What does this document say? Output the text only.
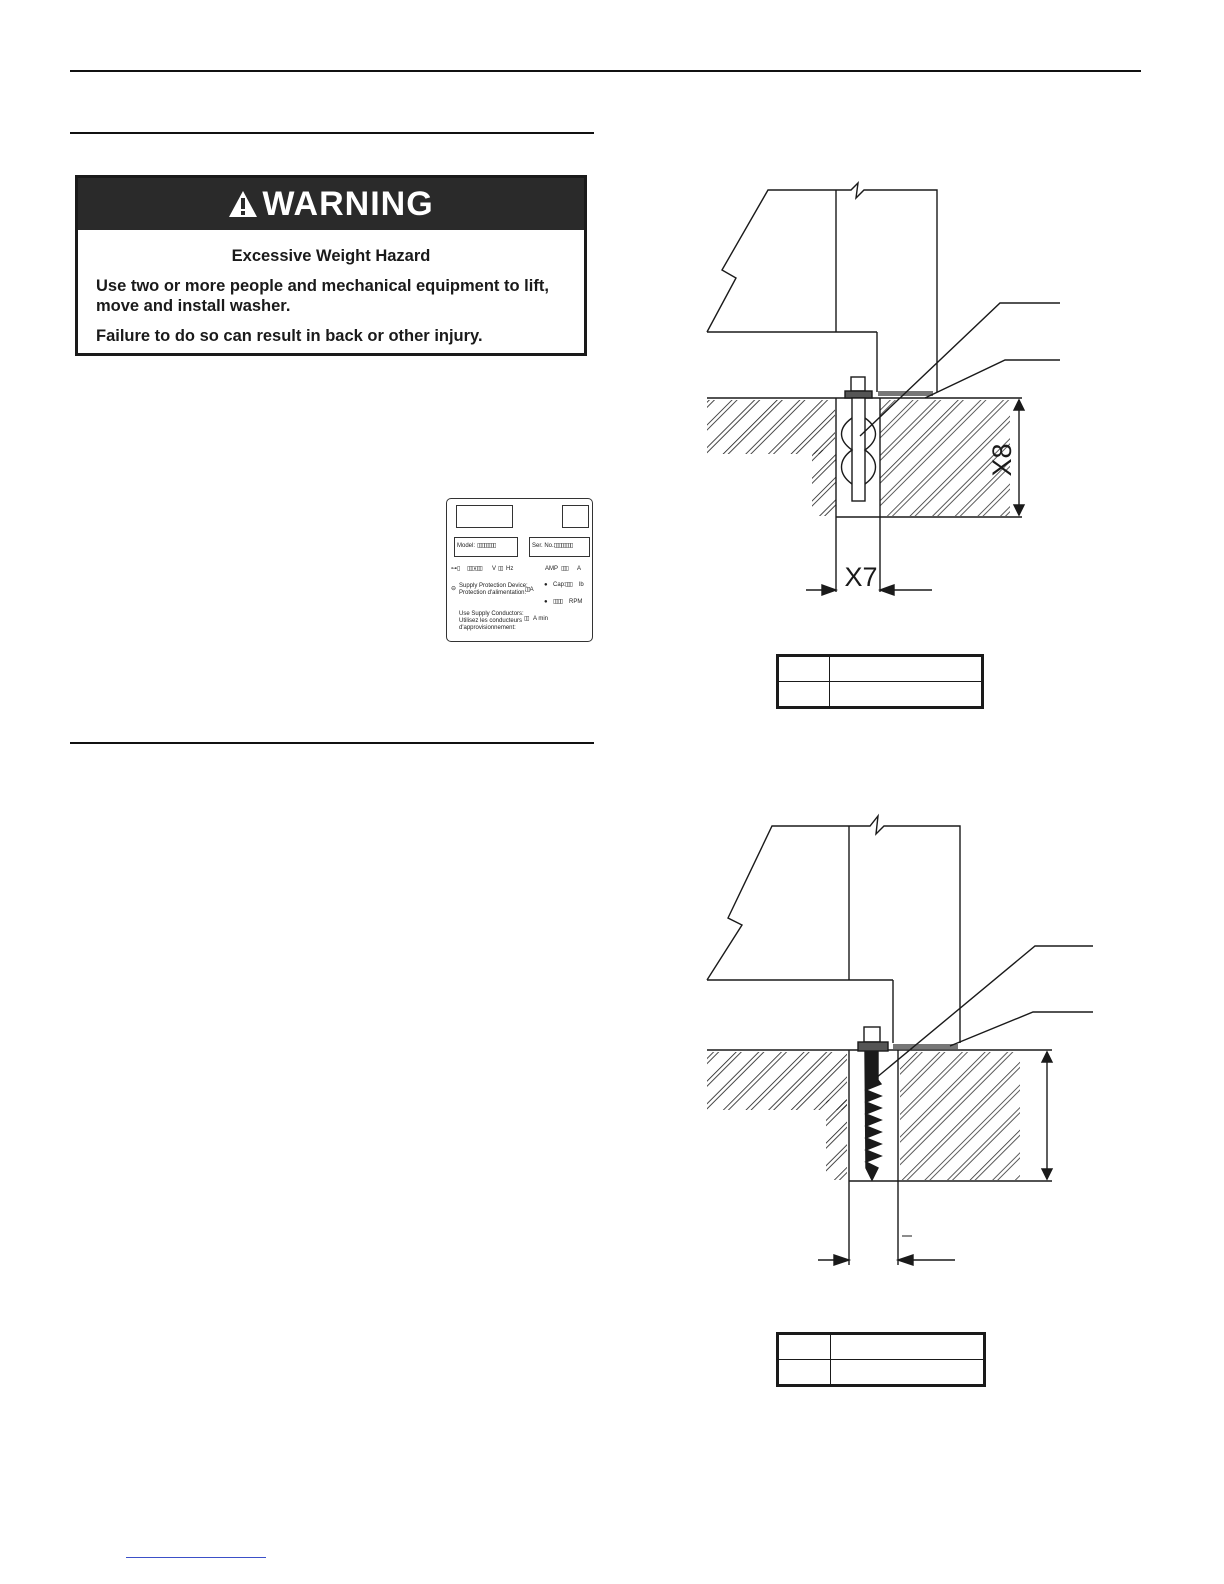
WARNING
Excessive Weight Hazard
Use two or more people and mechanical equipment to lift, move and install washer.
Failure to do so can result in back or other injury.
Model: ▯▯▯▯▯▯▯▯	Ser. No.:
▯▯▯▯▯▯▯▯
⊶▯ ▯▯▯-▯▯▯ V ▯▯ Hz	AMP ▯▯▯ A
⊖ Supply Protection Device:
Protection d'alimentation:
▯▯A
● Cap: ▯▯▯ lb
● ▯▯▯▯ RPM
Use Supply Conductors:
Utilisez les conducteurs
d'approvisionnement:
▯▯ A min
X8
X7
